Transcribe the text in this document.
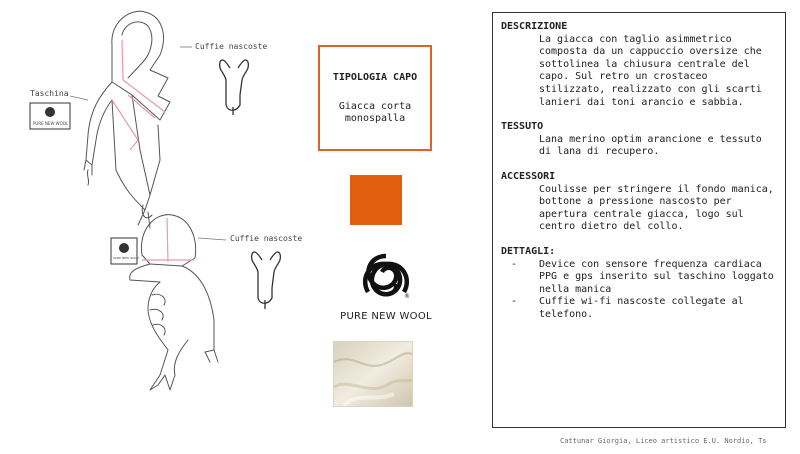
Cuffie nascoste
Taschina
Cuffie nascoste
PURE NEW WOOL
PURE NEW WOOL
TIPOLOGIA CAPO
Giacca corta monospalla
®
PURE NEW WOOL
DESCRIZIONE

La giacca con taglio asimmetrico composta da un cappuccio oversize che sottolinea la chiusura centrale del capo. Sul retro un crostaceo stilizzato, realizzato con gli scarti lanieri dai toni arancio e sabbia.

TESSUTO

Lana merino optim arancione e tessuto di lana di recupero.

ACCESSORI

Coulisse per stringere il fondo manica, bottone a pressione nascosto per apertura centrale giacca, logo sul centro dietro del collo.

DETTAGLI:
-	Device con sensore frequenza cardiaca PPG e gps inserito sul taschino loggato nella manica
-	Cuffie wi-fi nascoste collegate al telefono.
Cattunar Giorgia, Liceo artistico E.U. Nordio, Ts
